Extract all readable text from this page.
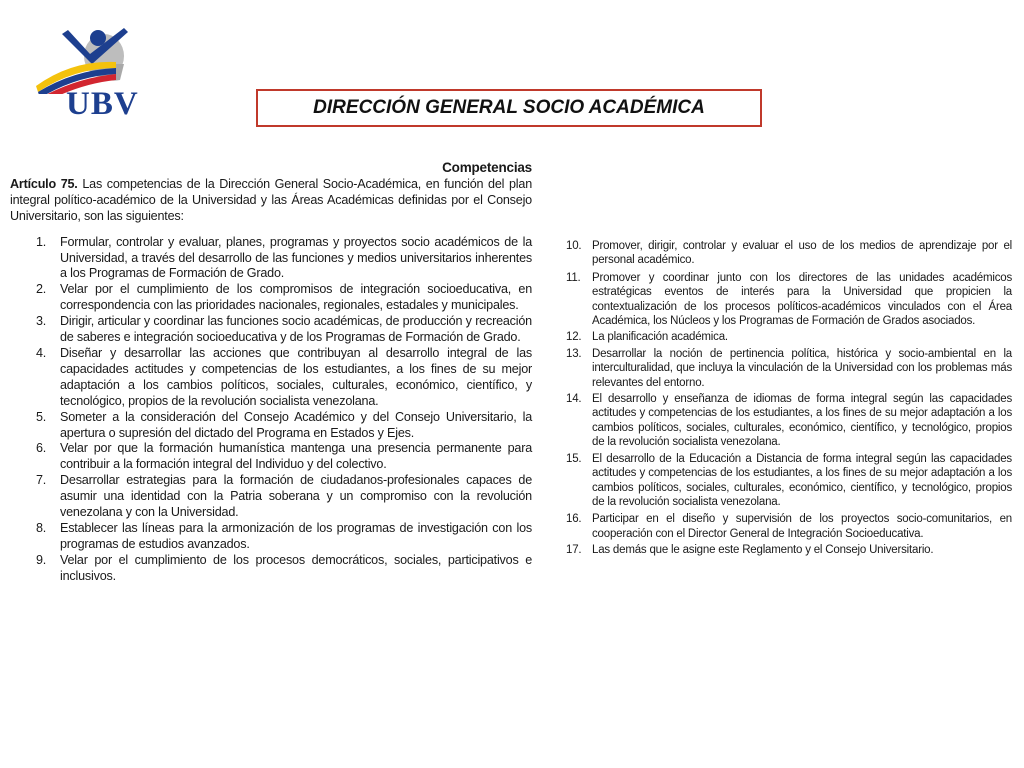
UBV	DIRECCIÓN GENERAL SOCIO ACADÉMICA
Competencias
Artículo 75. Las competencias de la Dirección General Socio-Académica, en función del plan integral político-académico de la Universidad y las Áreas Académicas definidas por el Consejo Universitario, son las siguientes:
1.	Formular, controlar y evaluar, planes, programas y proyectos socio académicos de la Universidad, a través del desarrollo de las funciones y medios universitarios inherentes a los Programas de Formación de Grado.
2.	Velar por el cumplimiento de los compromisos de integración socioeducativa, en correspondencia con las prioridades nacionales, regionales, estadales y municipales.
3.	Dirigir, articular y coordinar las funciones socio académicas, de producción y recreación de saberes e integración socioeducativa y de los Programas de Formación de Grado.
4.	Diseñar y desarrollar las acciones que contribuyan al desarrollo integral de las capacidades actitudes y competencias de los estudiantes, a los fines de su mejor adaptación a los cambios políticos, sociales, culturales, económico, científico, y tecnológico, propios de la revolución socialista venezolana.
5.	Someter a la consideración del Consejo Académico y del Consejo Universitario, la apertura o supresión del dictado del Programa en Estados y Ejes.
6.	Velar por que la formación humanística mantenga una presencia permanente para contribuir a la formación integral del Individuo y del colectivo.
7.	Desarrollar estrategias para la formación de ciudadanos-profesionales capaces de asumir una identidad con la Patria soberana y un compromiso con la revolución venezolana y con la Universidad.
8.	Establecer las líneas para la armonización de los programas de investigación con los programas de estudios avanzados.
9.	Velar por el cumplimiento de los procesos democráticos, sociales, participativos e inclusivos.
10. Promover, dirigir, controlar y evaluar el uso de los medios de aprendizaje por el personal académico.
11. Promover y coordinar junto con los directores de las unidades académicos estratégicas eventos de interés para la Universidad que propicien la contextualización de los procesos políticos-académicos vinculados con el Área Académica, los Núcleos y los Programas de Formación de Grados asociados.
12. La planificación académica.
13. Desarrollar la noción de pertinencia política, histórica y socio-ambiental en la interculturalidad, que incluya la vinculación de la Universidad con los problemas más relevantes del entorno.
14. El desarrollo y enseñanza de idiomas de forma integral según las capacidades actitudes y competencias de los estudiantes, a los fines de su mejor adaptación a los cambios políticos, sociales, culturales, económico, científico, y tecnológico, propios de la revolución socialista venezolana.
15. El desarrollo de la Educación a Distancia de forma integral según las capacidades actitudes y competencias de los estudiantes, a los fines de su mejor adaptación a los cambios políticos, sociales, culturales, económico, científico, y tecnológico, propios de la revolución socialista venezolana.
16. Participar en el diseño y supervisión de los proyectos socio-comunitarios, en cooperación con el Director General de Integración Socioeducativa.
17. Las demás que le asigne este Reglamento y el Consejo Universitario.
